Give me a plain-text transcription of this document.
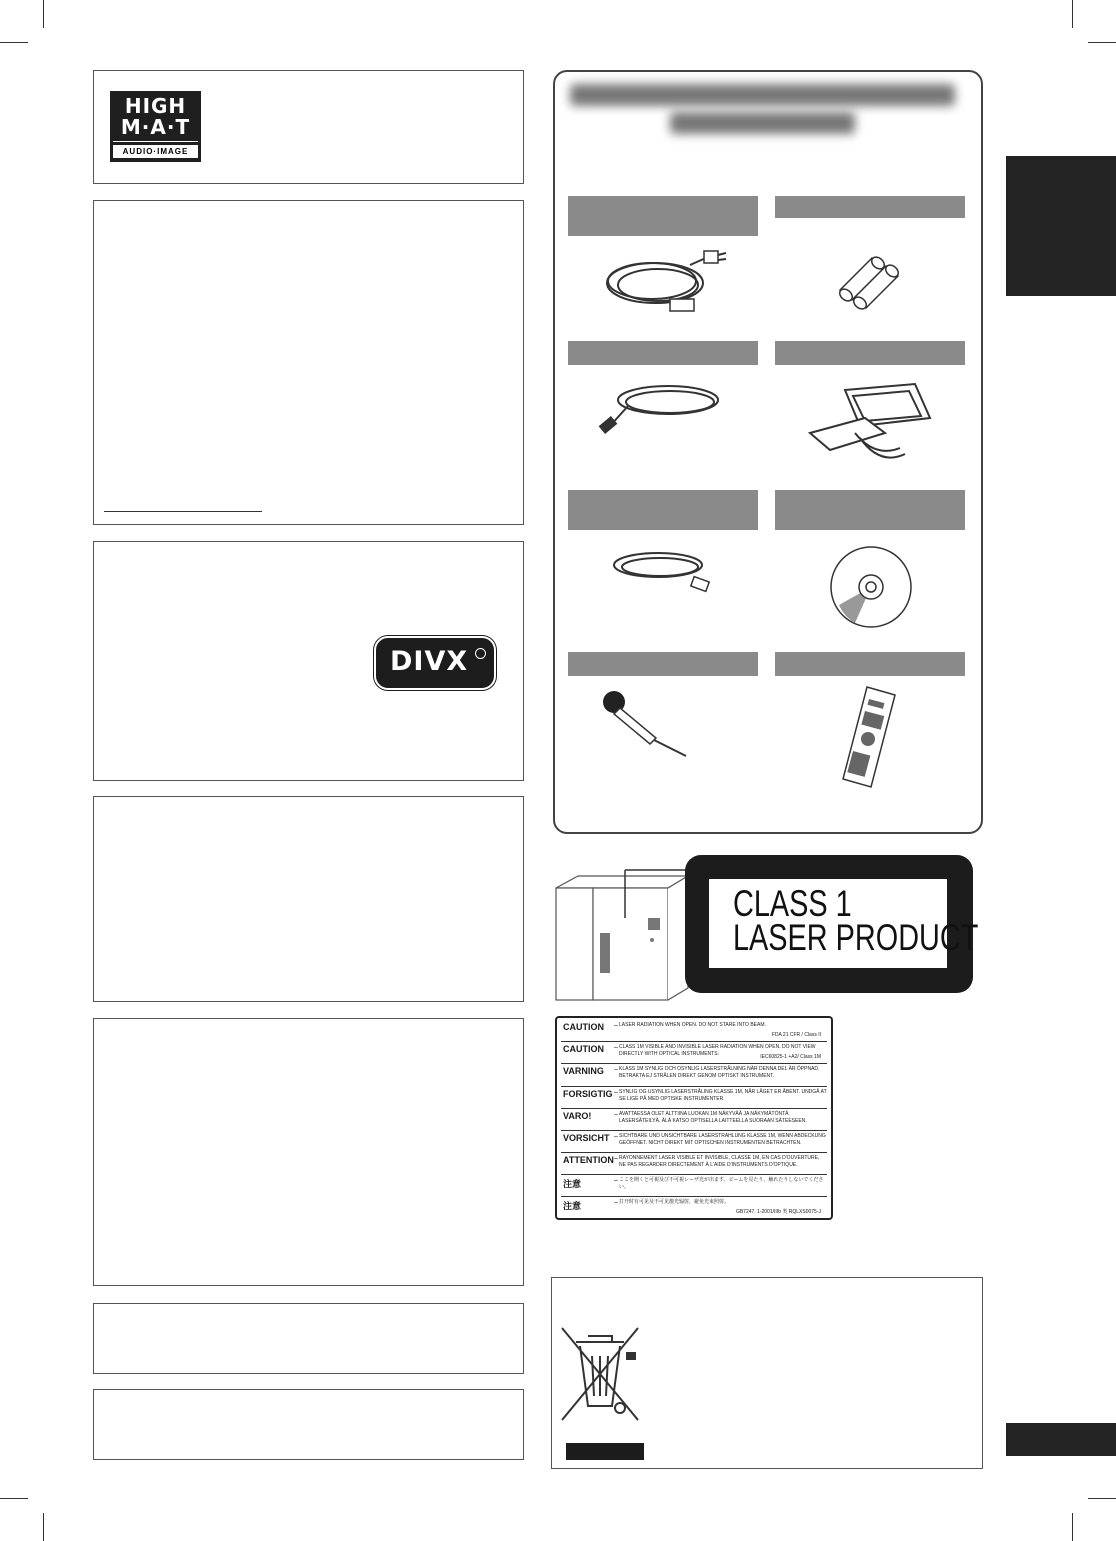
HIGH
M·A·T
AUDIO·IMAGE
DIVX
CLASS 1
LASER PRODUCT
CAUTION	– LASER RADIATION WHEN OPEN. DO NOT STARE INTO BEAM.
FDA 21 CFR / Class II
CAUTION	– CLASS 1M VISIBLE AND INVISIBLE LASER RADIATION WHEN OPEN. DO NOT VIEW DIRECTLY WITH OPTICAL INSTRUMENTS.	IEC60825-1 +A2/ Class 1M
VARNING	– KLASS 1M SYNLIG OCH OSYNLIG LASERSTRÅLNING NÄR DENNA DEL ÄR ÖPPNAD. BETRAKTA EJ STRÅLEN DIREKT GENOM OPTISKT INSTRUMENT.
FORSIGTIG – SYNLIG OG USYNLIG LASERSTRÅLING KLASSE 1M, NÅR LÅGET ER ÅBENT. UNDGÅ AT SE LIGE PÅ MED OPTISKE INSTRUMENTER.
VARO!	– AVATTAESSA OLET ALTTIINA LUOKAN 1M NÄKYVÄÄ JA NÄKYMÄTÖNTÄ LASERSÄTEILYÄ. ÄLÄ KATSO OPTISELLA LAITTEELLA SUORAAN SÄTEESEEN.
VORSICHT – SICHTBARE UND UNSICHTBARE LASERSTRAHLUNG KLASSE 1M, WENN ABDECKUNG GEÖFFNET. NICHT DIREKT MIT OPTISCHEN INSTRUMENTEN BETRACHTEN.
ATTENTION – RAYONNEMENT LASER VISIBLE ET INVISIBLE, CLASSE 1M, EN CAS D'OUVERTURE, NE PAS REGARDER DIRECTEMENT À L'AIDE D'INSTRUMENTS D'OPTIQUE.
注意	– ここを開くと可視及び不可視レーザ光が出ます。ビームを見たり、触れたりしないでください。
注意	– 打开时有可见及不可见激光辐射，避免光束照射。
GB7247. 1-2001/IIIb 类 RQLXS0075-J
